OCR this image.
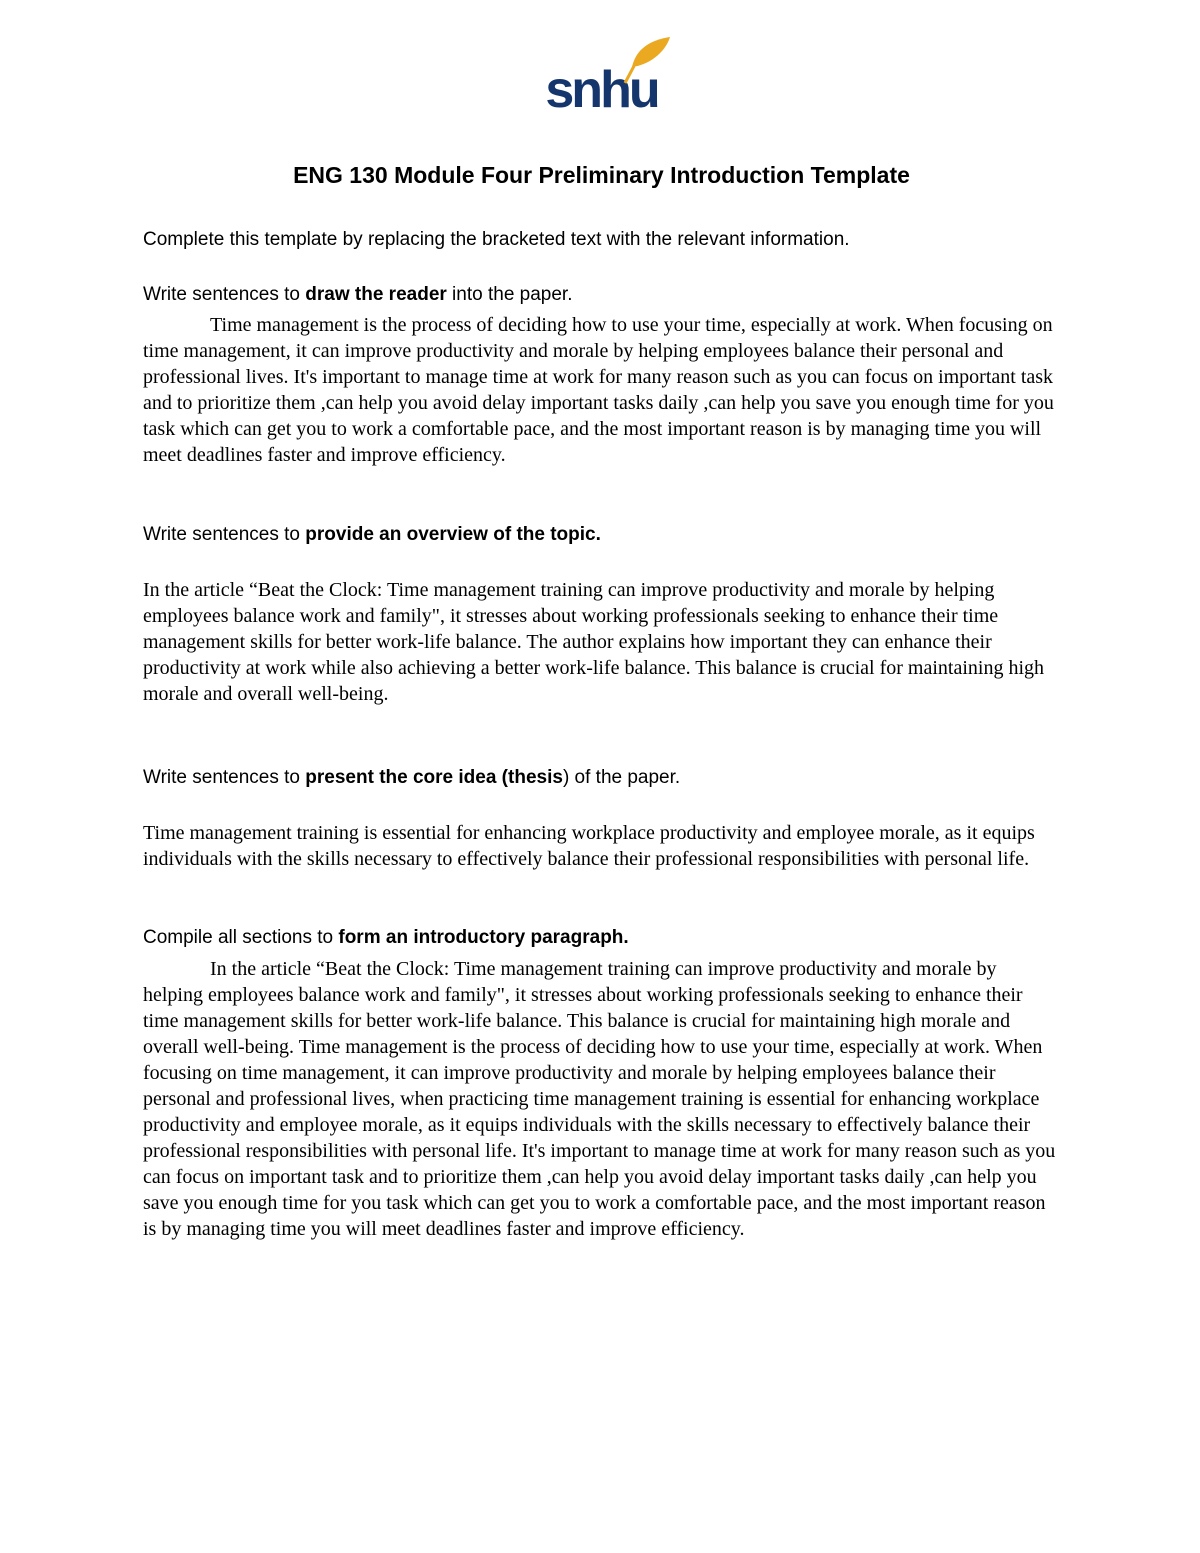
snhu
ENG 130 Module Four Preliminary Introduction Template

Complete this template by replacing the bracketed text with the relevant information.

Write sentences to draw the reader into the paper.

Time management is the process of deciding how to use your time, especially at work. When focusing on time management, it can improve productivity and morale by helping employees balance their personal and professional lives. It's important to manage time at work for many reason such as you can focus on important task and to prioritize them ,can help you avoid delay important tasks daily ,can help you save you enough time for you task which can get you to work a comfortable pace, and the most important reason is by managing time you will meet deadlines faster and improve efficiency.

Write sentences to provide an overview of the topic.

In the article “Beat the Clock: Time management training can improve productivity and morale by helping employees balance work and family", it stresses about working professionals seeking to enhance their time management skills for better work-life balance. The author explains how important they can enhance their productivity at work while also achieving a better work-life balance. This balance is crucial for maintaining high morale and overall well-being.

Write sentences to present the core idea (thesis) of the paper.

Time management training is essential for enhancing workplace productivity and employee morale, as it equips individuals with the skills necessary to effectively balance their professional responsibilities with personal life.

Compile all sections to form an introductory paragraph.

In the article “Beat the Clock: Time management training can improve productivity and morale by helping employees balance work and family", it stresses about working professionals seeking to enhance their time management skills for better work-life balance. This balance is crucial for maintaining high morale and overall well-being. Time management is the process of deciding how to use your time, especially at work. When focusing on time management, it can improve productivity and morale by helping employees balance their personal and professional lives, when practicing time management training is essential for enhancing workplace productivity and employee morale, as it equips individuals with the skills necessary to effectively balance their professional responsibilities with personal life. It's important to manage time at work for many reason such as you can focus on important task and to prioritize them ,can help you avoid delay important tasks daily ,can help you save you enough time for you task which can get you to work a comfortable pace, and the most important reason is by managing time you will meet deadlines faster and improve efficiency.
